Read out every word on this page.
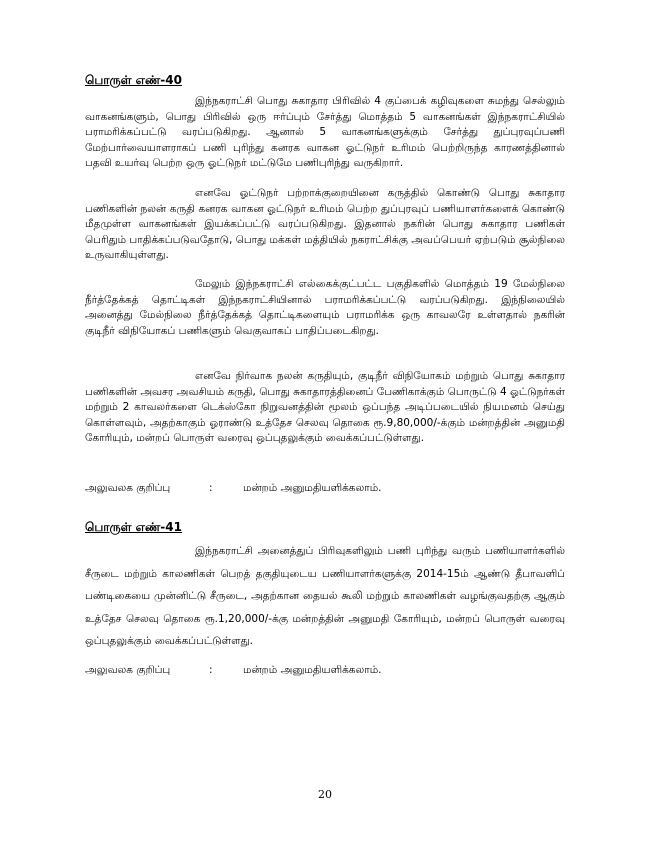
பொருள் எண்-40
இந்நகராட்சி பொது சுகாதார பிரிவில் 4 குப்பைக் கழிவுகளை சுமந்து செல்லும் வாகனங்களும், பொது பிரிவில் ஒரு ஈர்ப்பும் சேர்த்து மொத்தம் 5 வாகனங்கள் இந்நகராட்சியில் பராமரிக்கப்பட்டு வரப்படுகிறது. ஆனால் 5 வாகனங்களுக்கும் சேர்த்து துப்புரவுப்பணி மேற்பார்வையாளராகப் பணி புரிந்து கனரக வாகன ஓட்டுநர் உரிமம் பெற்றிருந்த காரணத்தினால் பதவி உயர்வு பெற்ற ஒரு ஓட்டுநர் மட்டுமே பணிபுரிந்து வருகிறார்.
எனவே ஓட்டுநர் பற்றாக்குறையினை கருத்தில் கொண்டு பொது சுகாதார பணிகளின் நலன் கருதி கனரக வாகன ஓட்டுநர் உரிமம் பெற்ற துப்புரவுப் பணியாளர்களைக் கொண்டு மீதமுள்ள வாகனங்கள் இயக்கப்பட்டு வரப்படுகிறது. இதனால் நகரின் பொது சுகாதார பணிகள் பெரிதும் பாதிக்கப்படுவதோடு, பொது மக்கள் மத்தியில் நகராட்சிக்கு அவப்பெயர் ஏற்படும் சூல்நிலை உருவாகியுள்ளது.
மேலும் இந்நகராட்சி எல்கைக்குட்பட்ட பகுதிகளில் மொத்தம் 19 மேல்நிலை நீர்த்தேக்கத் தொட்டிகள் இந்நகராட்சியினால் பராமரிக்கப்பட்டு வரப்படுகிறது. இந்நிலையில் அனைத்து மேல்நிலை நீர்த்தேக்கத் தொட்டிகளையும் பராமரிக்க ஒரு காவலரே உள்ளதால் நகரின் குடிநீர் விநியோகப் பணிகளும் வெகுவாகப் பாதிப்படைகிறது.
எனவே நிர்வாக நலன் கருதியும், குடிநீர் விநியோகம் மற்றும் பொது சுகாதார பணிகளின் அவசர அவசியம் கருதி, பொது சுகாதாரத்தினைப் பேணிகாக்கும் பொருட்டு 4 ஓட்டுநர்கள் மற்றும் 2 காவலர்களை டெக்ஸ்கோ நிறுவனத்தின் மூலம் ஒப்பந்த அடிப்படையில் நியமனம் செய்து கொள்ளவும், அதற்காகும் ஓராண்டு உத்தேச செலவு தொகை ரூ.9,80,000/-க்கும் மன்றத்தின் அனுமதி கோரியும், மன்றப் பொருள் வரைவு ஒப்புதலுக்கும் வைக்கப்பட்டுள்ளது.
அலுவலக குறிப்பு	:	மன்றம் அனுமதியளிக்கலாம்.
பொருள் எண்-41
இந்நகராட்சி அனைத்துப் பிரிவுகளிலும் பணி புரிந்து வரும் பணியாளர்களில் சீருடை மற்றும் காலணிகள் பெறத் தகுதியுடைய பணியாளர்களுக்கு 2014-15ம் ஆண்டு தீபாவளிப் பண்டிகையை முன்னிட்டு சீருடை, அதற்கான தையல் கூலி மற்றும் காலணிகள் வழங்குவதற்கு ஆகும் உத்தேச செலவு தொகை ரூ.1,20,000/-க்கு மன்றத்தின் அனுமதி கோரியும், மன்றப் பொருள் வரைவு ஒப்புதலுக்கும் வைக்கப்பட்டுள்ளது.
அலுவலக குறிப்பு	:	மன்றம் அனுமதியளிக்கலாம்.
20
